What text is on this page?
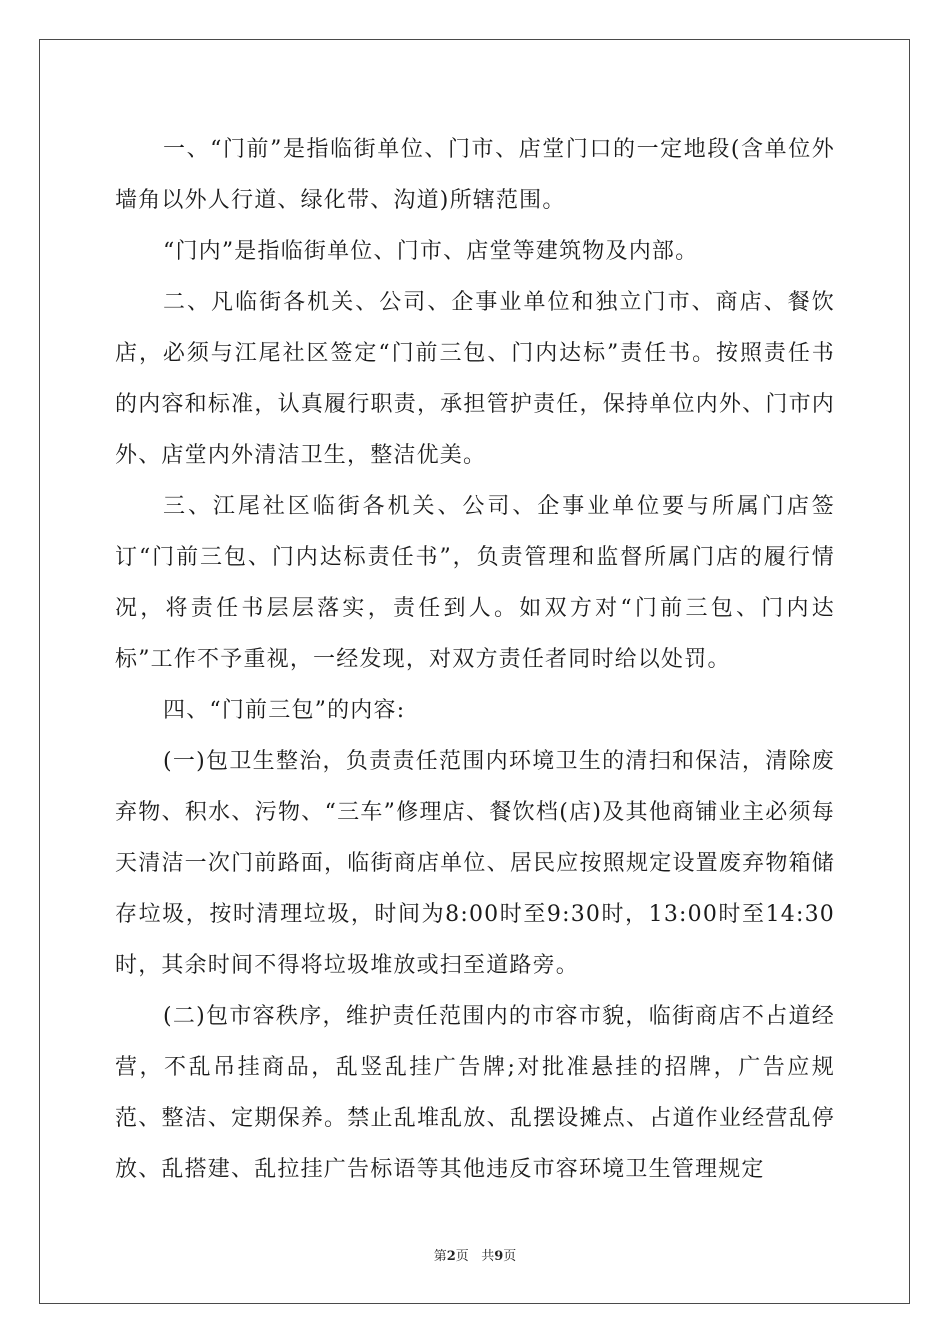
一、“门前”是指临街单位、门市、店堂门口的一定地段(含单位外墙角以外人行道、绿化带、沟道)所辖范围。

“门内”是指临街单位、门市、店堂等建筑物及内部。

二、凡临街各机关、公司、企事业单位和独立门市、商店、餐饮店，必须与江尾社区签定“门前三包、门内达标”责任书。按照责任书的内容和标准，认真履行职责，承担管护责任，保持单位内外、门市内外、店堂内外清洁卫生，整洁优美。

三、江尾社区临街各机关、公司、企事业单位要与所属门店签订“门前三包、门内达标责任书”，负责管理和监督所属门店的履行情况，将责任书层层落实，责任到人。如双方对“门前三包、门内达标”工作不予重视，一经发现，对双方责任者同时给以处罚。

四、“门前三包”的内容:

(一)包卫生整治，负责责任范围内环境卫生的清扫和保洁，清除废弃物、积水、污物、“三车”修理店、餐饮档(店)及其他商铺业主必须每天清洁一次门前路面，临街商店单位、居民应按照规定设置废弃物箱储存垃圾，按时清理垃圾，时间为8:00时至9:30时，13:00时至14:30时，其余时间不得将垃圾堆放或扫至道路旁。

(二)包市容秩序，维护责任范围内的市容市貌，临街商店不占道经营，不乱吊挂商品，乱竖乱挂广告牌;对批准悬挂的招牌，广告应规范、整洁、定期保养。禁止乱堆乱放、乱摆设摊点、占道作业经营乱停放、乱搭建、乱拉挂广告标语等其他违反市容环境卫生管理规定

第2页 共9页
